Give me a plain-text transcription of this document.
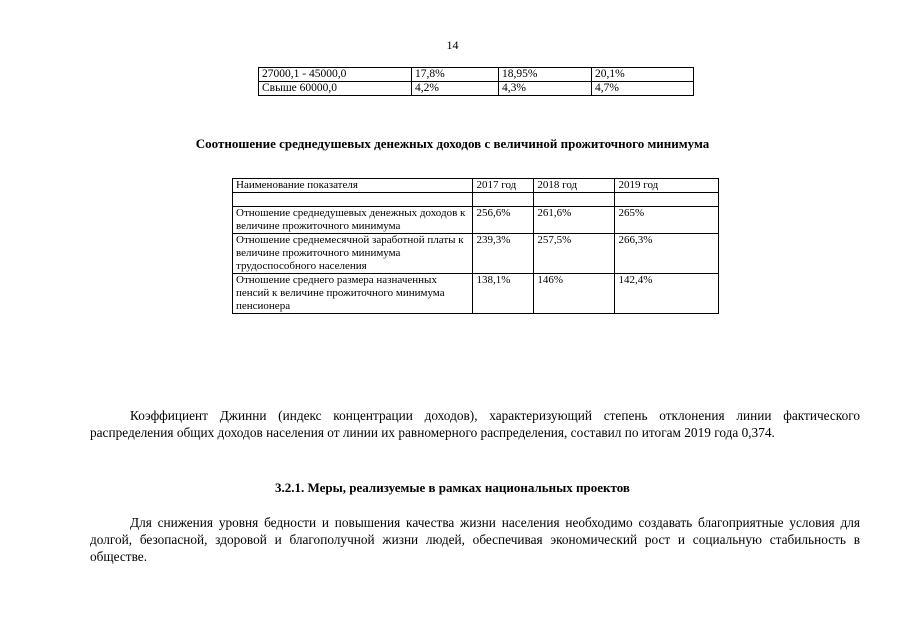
14
27000,1 - 45000,0	17,8%	18,95%	20,1%
Свыше 60000,0	4,2%	4,3%	4,7%
Соотношение среднедушевых денежных доходов с величиной прожиточного минимума
Наименование показателя	2017 год	2018 год	2019 год

Отношение среднедушевых денежных доходов к величине прожиточного минимума	256,6%	261,6%	265%
Отношение среднемесячной заработной платы к величине прожиточного минимума трудоспособного населения	239,3%	257,5%	266,3%
Отношение среднего размера назначенных пенсий к величине прожиточного минимума пенсионера	138,1%	146%	142,4%
Коэффициент Джинни (индекс концентрации доходов), характеризующий степень отклонения линии фактического распределения общих доходов населения от линии их равномерного распределения, составил по итогам 2019 года 0,374.
3.2.1. Меры, реализуемые в рамках национальных проектов
Для снижения уровня бедности и повышения качества жизни населения необходимо создавать благоприятные условия для долгой, безопасной, здоровой и благополучной жизни людей, обеспечивая экономический рост и социальную стабильность в обществе.
